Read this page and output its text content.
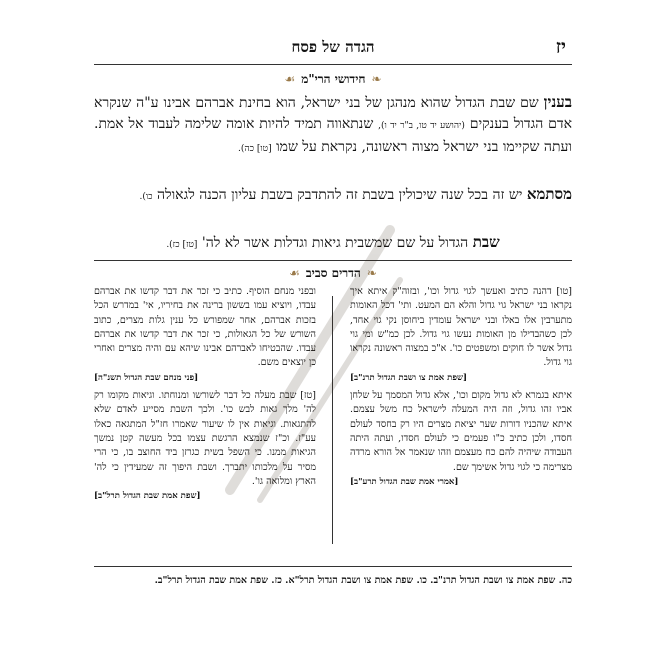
הגדה של פסח	יז
❧חידושי הרי"מ☙
בענין שם שבת הגדול שהוא מנהגן של בני ישראל, הוא בחינת אברהם אבינו ע"ה שנקרא אדם הגדול בענקים (יהושע יד טו, ב"ר יד ו), שנתאווה תמיד להיות אומה שלימה לעבוד אל אמת. ועתה שקיימו בני ישראל מצוה ראשונה, נקראת על שמו [טו] כה).
מסתמא יש זה בכל שנה שיכולין בשבת זה להתדבק בשבת עליון הכנה לגאולה כו).
שבת הגדול על שם שמשבית גיאות וגדלות אשר לא לה' [טז] כז).
❧הדרים סביב☙

[טו] דהנה כתיב ואעשך לגוי גדול וכו', ובזוה"ק איתא איך נקראו בני ישראל גוי גדול והלא הם המעט. ותי' דכל האומות מתערבין אלו באלו ובני ישראל עומדין ביחוסן נקי גוי אחד, לכן כשהבדילו מן האומות נעשו גוי גדול. לכן כמ"ש ומי גוי גדול אשר לו חוקים ומשפטים כו'. א"כ במצוה ראשונה נקראו גוי גדול.

[שפת אמת צו ושבת הגדול תרנ"ב]

איתא בגמרא לא גדול מקום וכו', אלא גדול המסמך על שלחן אביו זהו גדול, וזה היה המעלה לישראל כח משל עצמם. איתא שהכניו דורות שער יציאת מצרים היו רק בחסד לעולם חסדו, ולכן כתיב כ"ו פעמים כי לעולם חסדו, ועתה היתה העבודה שיהיה להם כח מעצמם וזהו שנאמר אל הורא מרדה מצרימה כי לגוי גדול אשימך שם.

[אמרי אמת שבת הגדול תרע"ב]

ובפני מנחם הוסיף. כתיב כי זכר את דבר קדשו את אברהם עבדו, ויוציא עמו בששון ברינה את בחיריו, אי' במדרש הכל בזכות אברהם, אחר שמפורש כל ענין גלות מצרים, כתוב השורש של כל הגאולות, כי זכר את דבר קדשו את אברהם עבדו. שהבטיחו לאברהם אבינו שיהא עם והיה מצרים ואחרי כן יוצאים משם.

[פני מנחם שבת הגדול תשנ"ה]

[טז] שבת מעלה כל דבר לשורשו ומנוחתו. וגיאות מקומו רק לה' מלך גאות לבש כו'. ולכך השבת מסייע לאדם שלא להתגאות. וגיאות אין לו שיעור שאמרו חז"ל המתגאה כאלו עע"ז. וכ"ז שנמצא הרגשת עצמו בכל מעשה קטן נמשך הגיאות ממנו. כי השפל בשית כגרזן ביד החוצב בו, כי הרי מסיר על מלכותו יתברך. ושבת היפוך זה שמעידין כי לה' הארץ ומלואה גו'.

[שפת אמת שבת הגדול תרל"ב]
כה. שפת אמת צו ושבת הגדול תרנ"ב. כו. שפת אמת צו ושבת הגדול תרל"א. כז. שפת אמת שבת הגדול תרל"ב.
